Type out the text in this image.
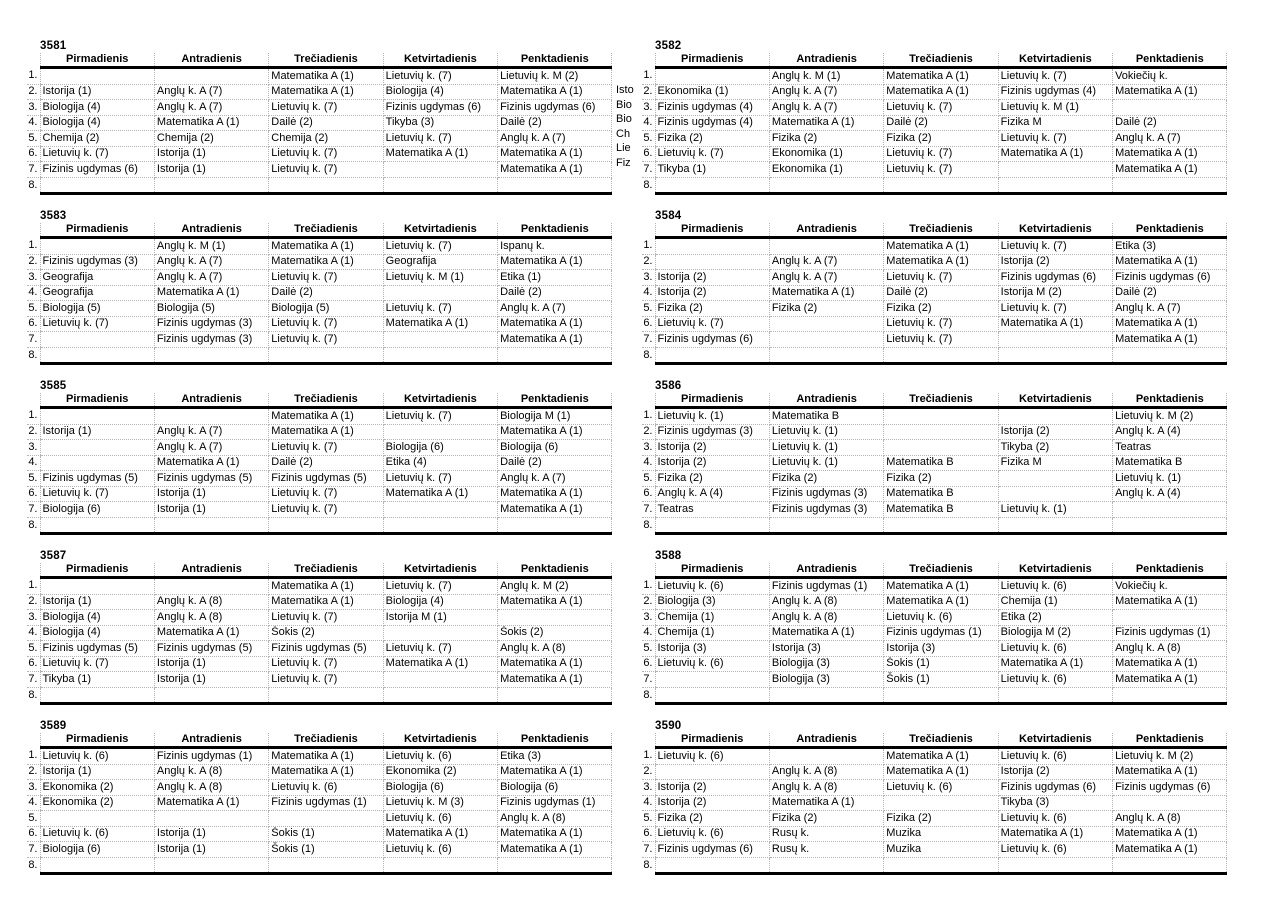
3581
	Pirmadienis	Antradienis	Trečiadienis	Ketvirtadienis	Penktadienis
1.			Matematika A (1)	Lietuvių k. (7)	Lietuvių k. M (2)
2.	Istorija (1)	Anglų k. A (7)	Matematika A (1)	Biologija (4)	Matematika A (1)
3.	Biologija (4)	Anglų k. A (7)	Lietuvių k. (7)	Fizinis ugdymas (6)	Fizinis ugdymas (6)
4.	Biologija (4)	Matematika A (1)	Dailė (2)	Tikyba (3)	Dailė (2)
5.	Chemija (2)	Chemija (2)	Chemija (2)	Lietuvių k. (7)	Anglų k. A (7)
6.	Lietuvių k. (7)	Istorija (1)	Lietuvių k. (7)	Matematika A (1)	Matematika A (1)
7.	Fizinis ugdymas (6)	Istorija (1)	Lietuvių k. (7)		Matematika A (1)
8.					
3582
	Pirmadienis	Antradienis	Trečiadienis	Ketvirtadienis	Penktadienis
1.		Anglų k. M (1)	Matematika A (1)	Lietuvių k. (7)	Vokiečių k.
2.	Ekonomika (1)	Anglų k. A (7)	Matematika A (1)	Fizinis ugdymas (4)	Matematika A (1)
3.	Fizinis ugdymas (4)	Anglų k. A (7)	Lietuvių k. (7)	Lietuvių k. M (1)	
4.	Fizinis ugdymas (4)	Matematika A (1)	Dailė (2)	Fizika M	Dailė (2)
5.	Fizika (2)	Fizika (2)	Fizika (2)	Lietuvių k. (7)	Anglų k. A (7)
6.	Lietuvių k. (7)	Ekonomika (1)	Lietuvių k. (7)	Matematika A (1)	Matematika A (1)
7.	Tikyba (1)	Ekonomika (1)	Lietuvių k. (7)		Matematika A (1)
8.					
3583
	Pirmadienis	Antradienis	Trečiadienis	Ketvirtadienis	Penktadienis
1.		Anglų k. M (1)	Matematika A (1)	Lietuvių k. (7)	Ispanų k.
2.	Fizinis ugdymas (3)	Anglų k. A (7)	Matematika A (1)	Geografija	Matematika A (1)
3.	Geografija	Anglų k. A (7)	Lietuvių k. (7)	Lietuvių k. M (1)	Etika (1)
4.	Geografija	Matematika A (1)	Dailė (2)		Dailė (2)
5.	Biologija (5)	Biologija (5)	Biologija (5)	Lietuvių k. (7)	Anglų k. A (7)
6.	Lietuvių k. (7)	Fizinis ugdymas (3)	Lietuvių k. (7)	Matematika A (1)	Matematika A (1)
7.		Fizinis ugdymas (3)	Lietuvių k. (7)		Matematika A (1)
8.					
3584
	Pirmadienis	Antradienis	Trečiadienis	Ketvirtadienis	Penktadienis
1.			Matematika A (1)	Lietuvių k. (7)	Etika (3)
2.		Anglų k. A (7)	Matematika A (1)	Istorija (2)	Matematika A (1)
3.	Istorija (2)	Anglų k. A (7)	Lietuvių k. (7)	Fizinis ugdymas (6)	Fizinis ugdymas (6)
4.	Istorija (2)	Matematika A (1)	Dailė (2)	Istorija M (2)	Dailė (2)
5.	Fizika (2)	Fizika (2)	Fizika (2)	Lietuvių k. (7)	Anglų k. A (7)
6.	Lietuvių k. (7)		Lietuvių k. (7)	Matematika A (1)	Matematika A (1)
7.	Fizinis ugdymas (6)		Lietuvių k. (7)		Matematika A (1)
8.					
3585
	Pirmadienis	Antradienis	Trečiadienis	Ketvirtadienis	Penktadienis
1.			Matematika A (1)	Lietuvių k. (7)	Biologija M (1)
2.	Istorija (1)	Anglų k. A (7)	Matematika A (1)		Matematika A (1)
3.		Anglų k. A (7)	Lietuvių k. (7)	Biologija (6)	Biologija (6)
4.		Matematika A (1)	Dailė (2)	Etika (4)	Dailė (2)
5.	Fizinis ugdymas (5)	Fizinis ugdymas (5)	Fizinis ugdymas (5)	Lietuvių k. (7)	Anglų k. A (7)
6.	Lietuvių k. (7)	Istorija (1)	Lietuvių k. (7)	Matematika A (1)	Matematika A (1)
7.	Biologija (6)	Istorija (1)	Lietuvių k. (7)		Matematika A (1)
8.					
3586
	Pirmadienis	Antradienis	Trečiadienis	Ketvirtadienis	Penktadienis
1.	Lietuvių k. (1)	Matematika B			Lietuvių k. M (2)
2.	Fizinis ugdymas (3)	Lietuvių k. (1)		Istorija (2)	Anglų k. A (4)
3.	Istorija (2)	Lietuvių k. (1)		Tikyba (2)	Teatras
4.	Istorija (2)	Lietuvių k. (1)	Matematika B	Fizika M	Matematika B
5.	Fizika (2)	Fizika (2)	Fizika (2)		Lietuvių k. (1)
6.	Anglų k. A (4)	Fizinis ugdymas (3)	Matematika B		Anglų k. A (4)
7.	Teatras	Fizinis ugdymas (3)	Matematika B	Lietuvių k. (1)	
8.					
3587
	Pirmadienis	Antradienis	Trečiadienis	Ketvirtadienis	Penktadienis
1.			Matematika A (1)	Lietuvių k. (7)	Anglų k. M (2)
2.	Istorija (1)	Anglų k. A (8)	Matematika A (1)	Biologija (4)	Matematika A (1)
3.	Biologija (4)	Anglų k. A (8)	Lietuvių k. (7)	Istorija M (1)	
4.	Biologija (4)	Matematika A (1)	Šokis (2)		Šokis (2)
5.	Fizinis ugdymas (5)	Fizinis ugdymas (5)	Fizinis ugdymas (5)	Lietuvių k. (7)	Anglų k. A (8)
6.	Lietuvių k. (7)	Istorija (1)	Lietuvių k. (7)	Matematika A (1)	Matematika A (1)
7.	Tikyba (1)	Istorija (1)	Lietuvių k. (7)		Matematika A (1)
8.					
3588
	Pirmadienis	Antradienis	Trečiadienis	Ketvirtadienis	Penktadienis
1.	Lietuvių k. (6)	Fizinis ugdymas (1)	Matematika A (1)	Lietuvių k. (6)	Vokiečių k.
2.	Biologija (3)	Anglų k. A (8)	Matematika A (1)	Chemija (1)	Matematika A (1)
3.	Chemija (1)	Anglų k. A (8)	Lietuvių k. (6)	Etika (2)	
4.	Chemija (1)	Matematika A (1)	Fizinis ugdymas (1)	Biologija M (2)	Fizinis ugdymas (1)
5.	Istorija (3)	Istorija (3)	Istorija (3)	Lietuvių k. (6)	Anglų k. A (8)
6.	Lietuvių k. (6)	Biologija (3)	Šokis (1)	Matematika A (1)	Matematika A (1)
7.		Biologija (3)	Šokis (1)	Lietuvių k. (6)	Matematika A (1)
8.					
3589
	Pirmadienis	Antradienis	Trečiadienis	Ketvirtadienis	Penktadienis
1.	Lietuvių k. (6)	Fizinis ugdymas (1)	Matematika A (1)	Lietuvių k. (6)	Etika (3)
2.	Istorija (1)	Anglų k. A (8)	Matematika A (1)	Ekonomika (2)	Matematika A (1)
3.	Ekonomika (2)	Anglų k. A (8)	Lietuvių k. (6)	Biologija (6)	Biologija (6)
4.	Ekonomika (2)	Matematika A (1)	Fizinis ugdymas (1)	Lietuvių k. M (3)	Fizinis ugdymas (1)
5.				Lietuvių k. (6)	Anglų k. A (8)
6.	Lietuvių k. (6)	Istorija (1)	Šokis (1)	Matematika A (1)	Matematika A (1)
7.	Biologija (6)	Istorija (1)	Šokis (1)	Lietuvių k. (6)	Matematika A (1)
8.					
3590
	Pirmadienis	Antradienis	Trečiadienis	Ketvirtadienis	Penktadienis
1.	Lietuvių k. (6)		Matematika A (1)	Lietuvių k. (6)	Lietuvių k. M (2)
2.		Anglų k. A (8)	Matematika A (1)	Istorija (2)	Matematika A (1)
3.	Istorija (2)	Anglų k. A (8)	Lietuvių k. (6)	Fizinis ugdymas (6)	Fizinis ugdymas (6)
4.	Istorija (2)	Matematika A (1)		Tikyba (3)	
5.	Fizika (2)	Fizika (2)	Fizika (2)	Lietuvių k. (6)	Anglų k. A (8)
6.	Lietuvių k. (6)	Rusų k.	Muzika	Matematika A (1)	Matematika A (1)
7.	Fizinis ugdymas (6)	Rusų k.	Muzika	Lietuvių k. (6)	Matematika A (1)
8.					
Isto
Bio
Bio
Ch
Lie
Fiz
